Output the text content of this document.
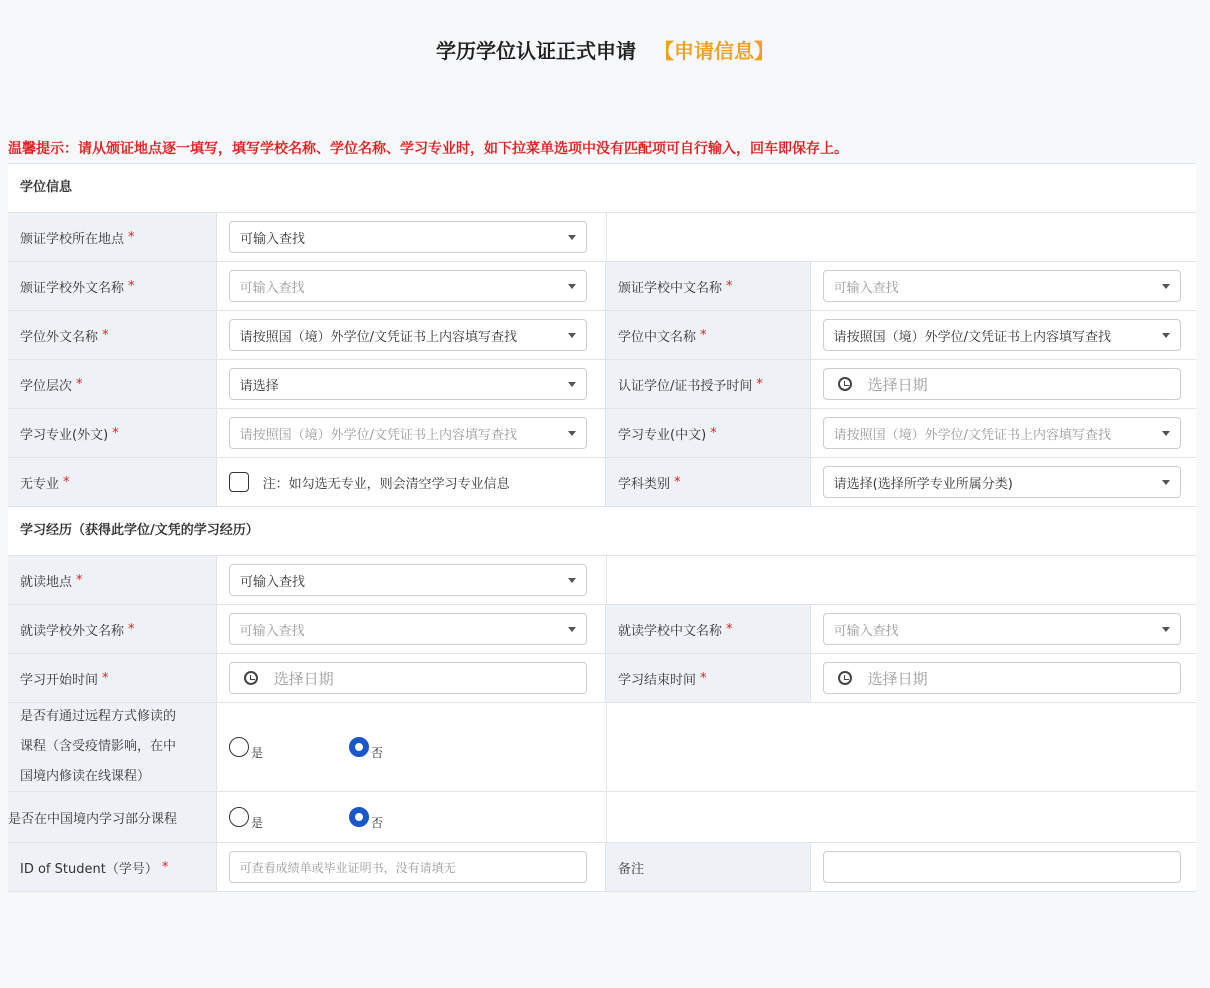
学历学位认证正式申请 【申请信息】
温馨提示：请从颁证地点逐一填写，填写学校名称、学位名称、学习专业时，如下拉菜单选项中没有匹配项可自行输入，回车即保存上。
学位信息
颁证学校所在地点 *	可输入查找
颁证学校外文名称 *	可输入查找	颁证学校中文名称 *	可输入查找
学位外文名称 *	请按照国（境）外学位/文凭证书上内容填写查找	学位中文名称 *	请按照国（境）外学位/文凭证书上内容填写查找
学位层次 *	请选择	认证学位/证书授予时间 *	选择日期
学习专业(外文) *	请按照国（境）外学位/文凭证书上内容填写查找	学习专业(中文) *	请按照国（境）外学位/文凭证书上内容填写查找
无专业 *	注：如勾选无专业，则会清空学习专业信息	学科类别 *	请选择(选择所学专业所属分类)
学习经历（获得此学位/文凭的学习经历）
就读地点 *	可输入查找
就读学校外文名称 *	可输入查找	就读学校中文名称 *	可输入查找
学习开始时间 *	选择日期	学习结束时间 *	选择日期
是否有通过远程方式修读的
课程（含受疫情影响，在中
国境内修读在线课程）
是	否
是否在中国境内学习部分课程	是	否
ID of Student（学号） *	可查看成绩单或毕业证明书，没有请填无	备注
